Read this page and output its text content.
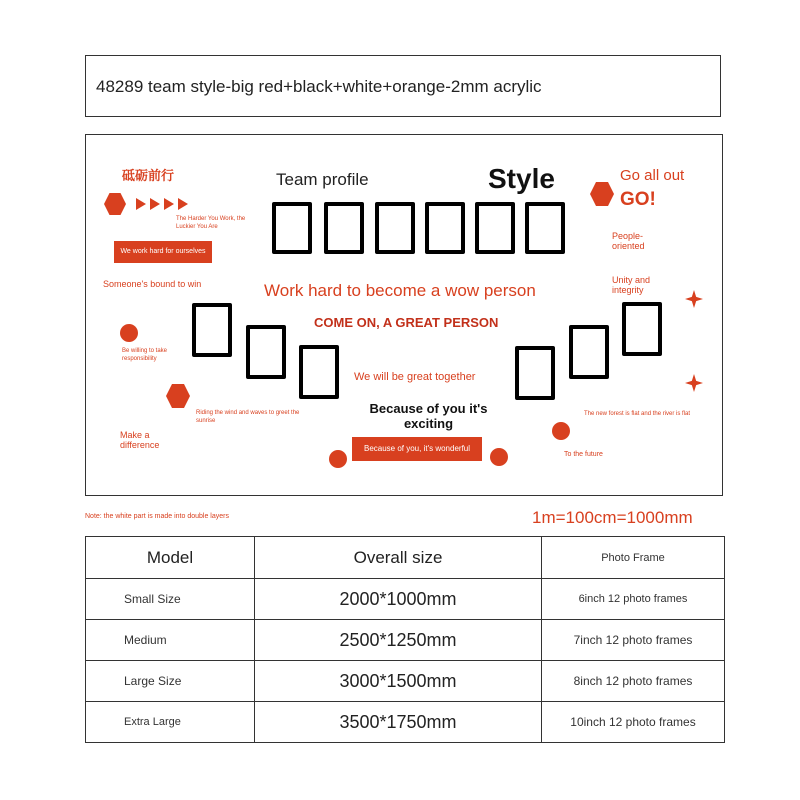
48289 team style-big red+black+white+orange-2mm acrylic
砥砺前行
The Harder You Work, the Luckier You Are
We work hard for ourselves
Someone's bound to win
Be willing to take responsibility
Riding the wind and waves to greet the sunrise
Make a difference
Team profile	Style	Go all out
GO!
People-oriented
Unity and integrity
Work hard to become a wow person
COME ON, A GREAT PERSON
We will be great together
Because of you it's exciting
Because of you, it's wonderful
The new forest is flat and the river is flat
To the future
Note: the white part is made into double layers	1m=100cm=1000mm
Model	Overall size	Photo Frame
Small Size	2000*1000mm	6inch 12 photo frames
Medium	2500*1250mm	7inch 12 photo frames
Large Size	3000*1500mm	8inch 12 photo frames
Extra Large	3500*1750mm	10inch 12 photo frames
